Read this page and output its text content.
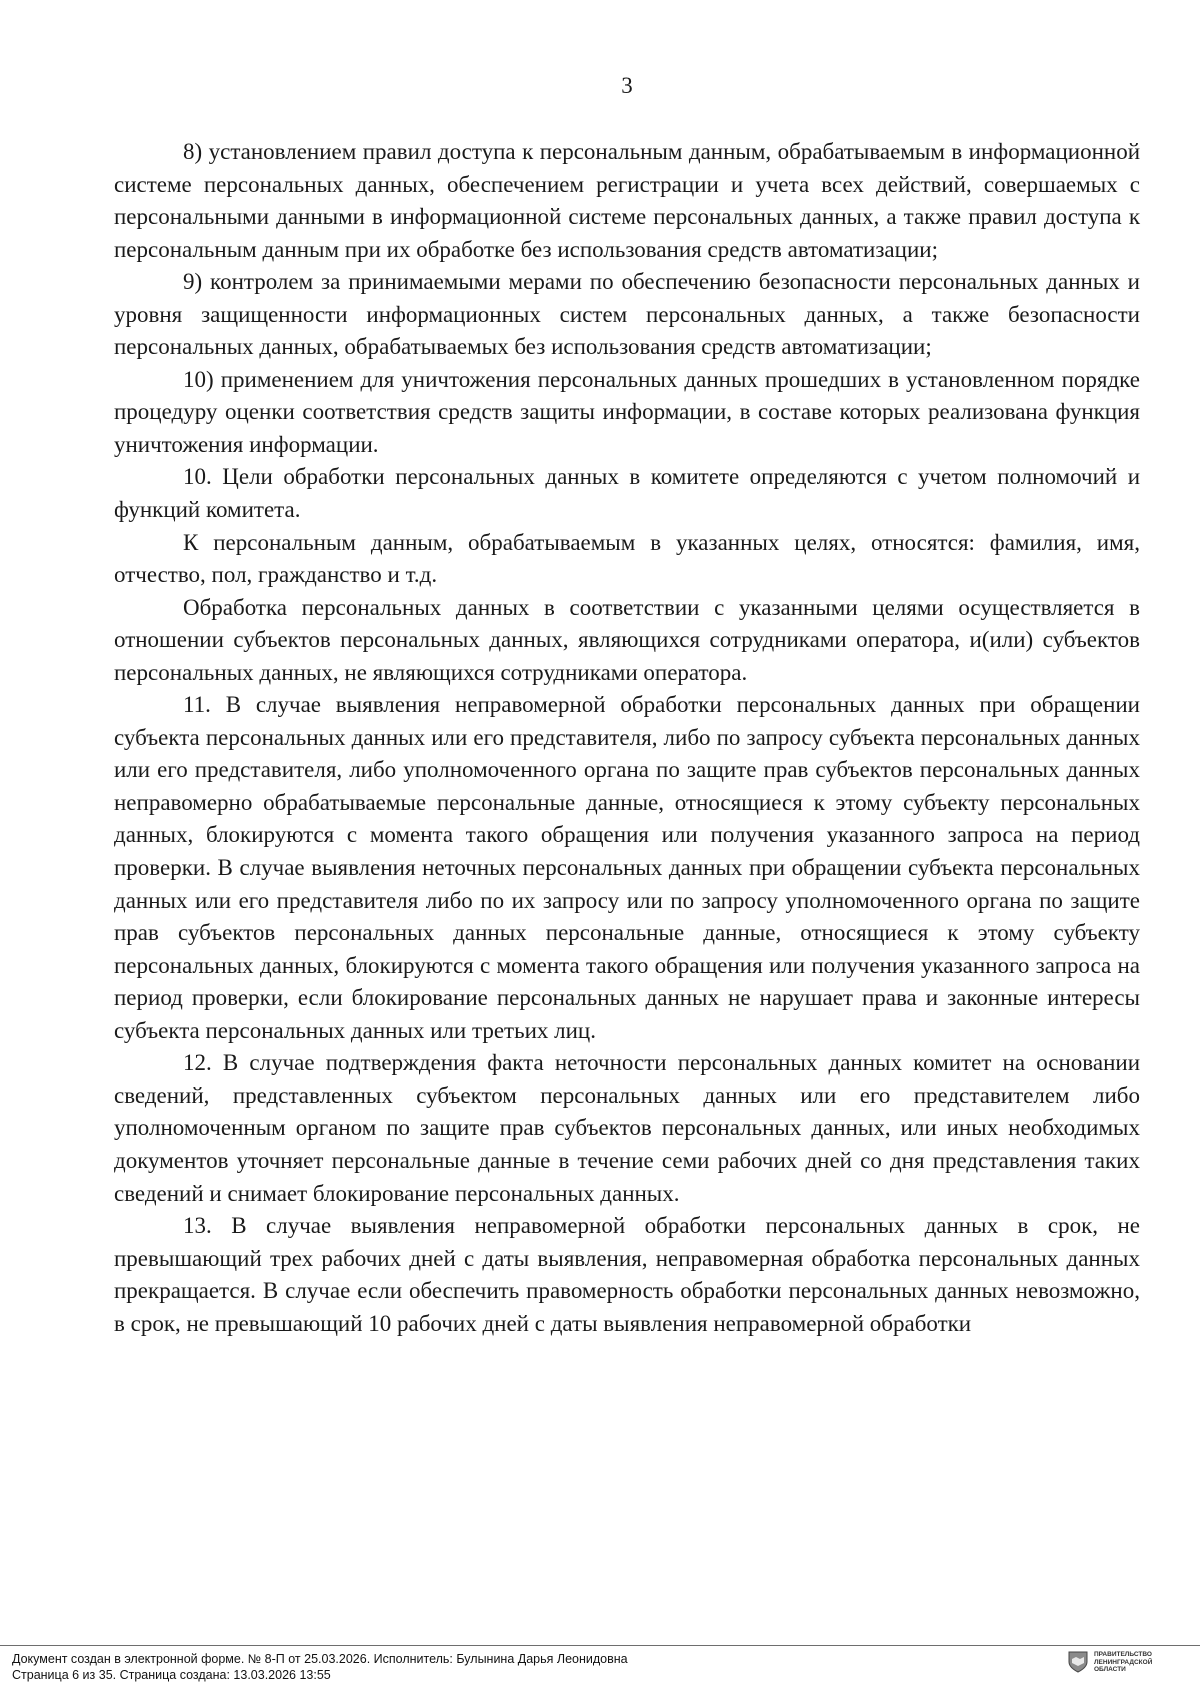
3

8) установлением правил доступа к персональным данным, обрабатываемым в информационной системе персональных данных, обеспечением регистрации и учета всех действий, совершаемых с персональными данными в информационной системе персональных данных, а также правил доступа к персональным данным при их обработке без использования средств автоматизации;

9) контролем за принимаемыми мерами по обеспечению безопасности персональных данных и уровня защищенности информационных систем персональных данных, а также безопасности персональных данных, обрабатываемых без использования средств автоматизации;

10) применением для уничтожения персональных данных прошедших в установленном порядке процедуру оценки соответствия средств защиты информации, в составе которых реализована функция уничтожения информации.

10. Цели обработки персональных данных в комитете определяются с учетом полномочий и функций комитета.

К персональным данным, обрабатываемым в указанных целях, относятся: фамилия, имя, отчество, пол, гражданство и т.д.

Обработка персональных данных в соответствии с указанными целями осуществляется в отношении субъектов персональных данных, являющихся сотрудниками оператора, и(или) субъектов персональных данных, не являющихся сотрудниками оператора.

11. В случае выявления неправомерной обработки персональных данных при обращении субъекта персональных данных или его представителя, либо по запросу субъекта персональных данных или его представителя, либо уполномоченного органа по защите прав субъектов персональных данных неправомерно обрабатываемые персональные данные, относящиеся к этому субъекту персональных данных, блокируются с момента такого обращения или получения указанного запроса на период проверки. В случае выявления неточных персональных данных при обращении субъекта персональных данных или его представителя либо по их запросу или по запросу уполномоченного органа по защите прав субъектов персональных данных персональные данные, относящиеся к этому субъекту персональных данных, блокируются с момента такого обращения или получения указанного запроса на период проверки, если блокирование персональных данных не нарушает права и законные интересы субъекта персональных данных или третьих лиц.

12. В случае подтверждения факта неточности персональных данных комитет на основании сведений, представленных субъектом персональных данных или его представителем либо уполномоченным органом по защите прав субъектов персональных данных, или иных необходимых документов уточняет персональные данные в течение семи рабочих дней со дня представления таких сведений и снимает блокирование персональных данных.

13. В случае выявления неправомерной обработки персональных данных в срок, не превышающий трех рабочих дней с даты выявления, неправомерная обработка персональных данных прекращается. В случае если обеспечить правомерность обработки персональных данных невозможно, в срок, не превышающий 10 рабочих дней с даты выявления неправомерной обработки

Документ создан в электронной форме. № 8-П от 25.03.2026. Исполнитель: Булынина Дарья Леонидовна
Страница 6 из 35. Страница создана: 13.03.2026 13:55
ПРАВИТЕЛЬСТВО
ЛЕНИНГРАДСКОЙ
ОБЛАСТИ
